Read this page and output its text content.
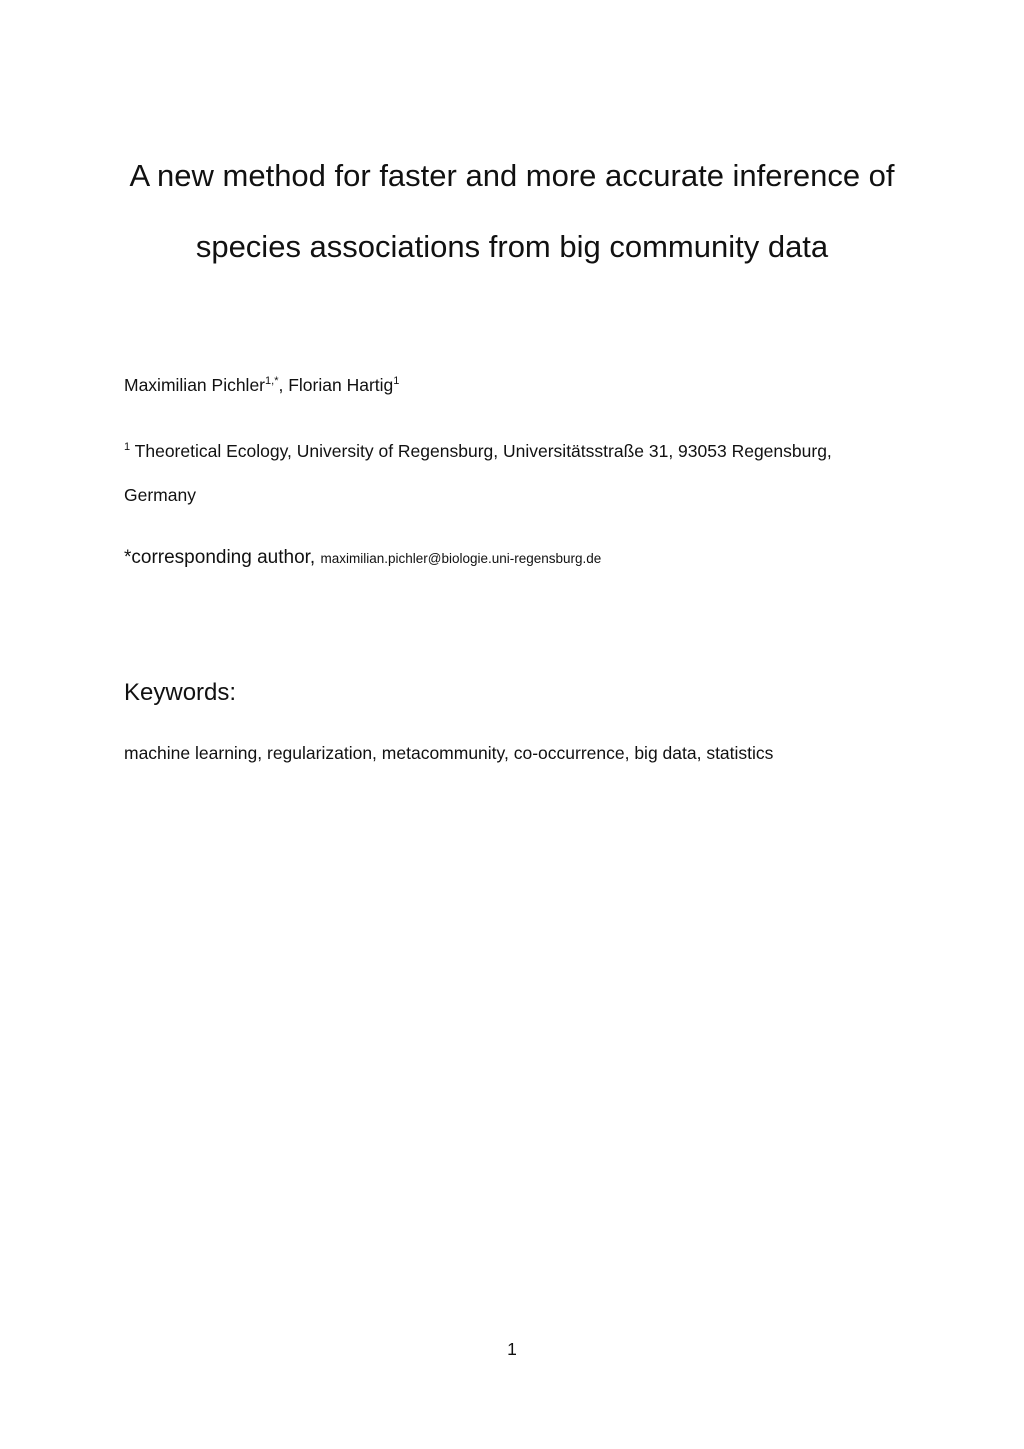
A new method for faster and more accurate inference of
species associations from big community data
Maximilian Pichler$^{1,*}$, Florian Hartig$^1$
$^1$ Theoretical Ecology, University of Regensburg, Universitätsstraße 31, 93053 Regensburg,
Germany
*corresponding author, maximilian.pichler@biologie.uni-regensburg.de
Keywords:
machine learning, regularization, metacommunity, co-occurrence, big data, statistics
1
